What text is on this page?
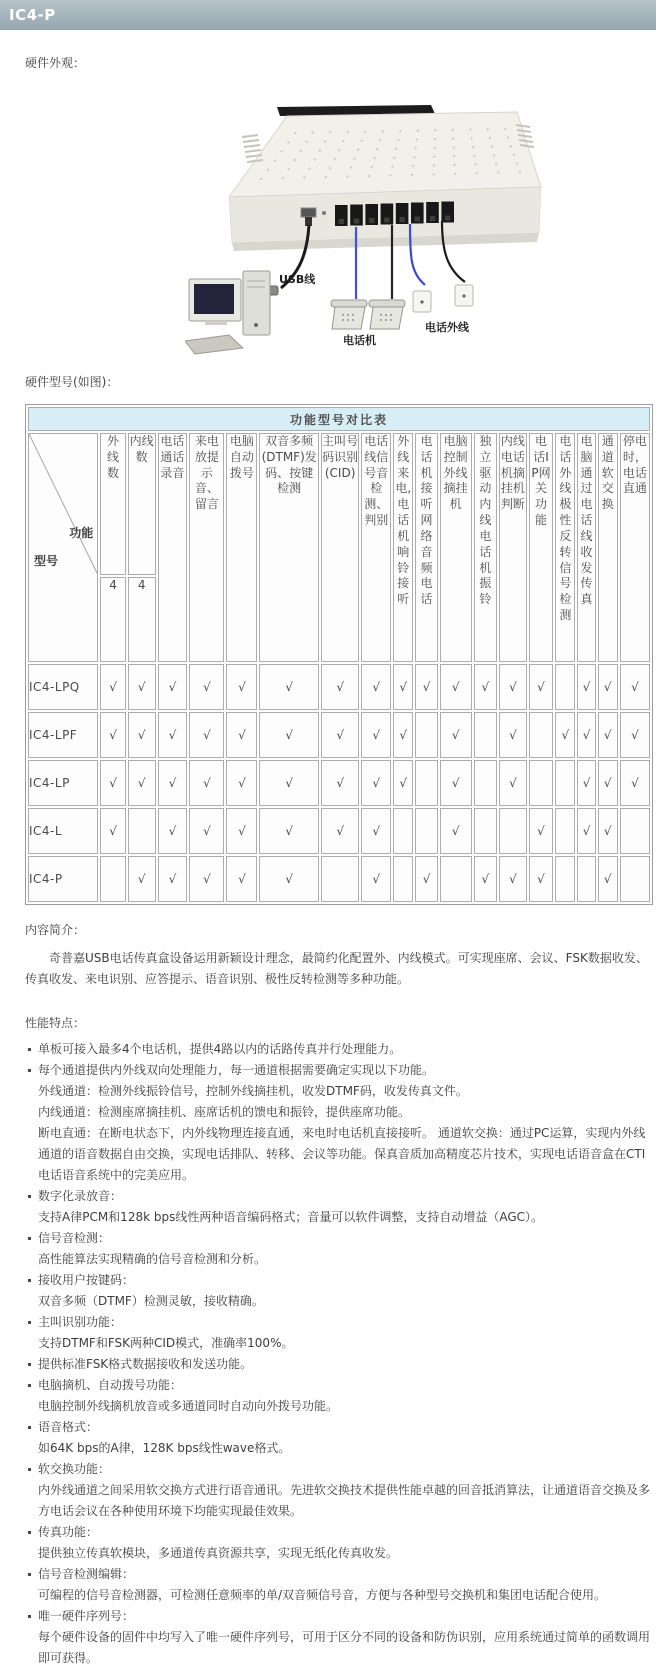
IC4-P
硬件外观：
USB线
电话机
电话外线
硬件型号(如图)：
功能型号对比表																		

功能
型号	外线数	内线数	电话通话录音	来电放提示音、留言	电脑自动拨号	双音多频(DTMF)发码、按键检测	主叫号码识别(CID)	电话线信号音检测、判别	外线来电,电话机响铃接听	电话机接听网络音频电话	电脑控制外线摘挂机	独立驱动内线电话机振铃	内线电话机摘挂机判断	电话IP网关功能	电话外线极性反转信号检测	电脑通过电话线收发传真	通道软交换	停电时，电话直通
	4	4																
IC4-LPQ	√	√	√	√	√	√	√	√	√	√	√	√	√	√		√	√	√
IC4-LPF	√	√	√	√	√	√	√	√	√		√		√		√	√	√	√
IC4-LP	√	√	√	√	√	√	√	√	√		√		√			√	√	√
IC4-L	√		√	√	√	√	√	√			√			√		√	√	
IC4-P		√	√	√	√	√		√		√		√	√	√			√	
内容简介：

奇普嘉USB电话传真盒设备运用新颖设计理念，最简约化配置外、内线模式。可实现座席、会议、FSK数据收发、传真收发、来电识别、应答提示、语音识别、极性反转检测等多种功能。

性能特点：
单板可接入最多4个电话机，提供4路以内的话路传真并行处理能力。
每个通道提供内外线双向处理能力，每一通道根据需要确定实现以下功能。
外线通道：检测外线振铃信号，控制外线摘挂机，收发DTMF码，收发传真文件。
内线通道：检测座席摘挂机、座席话机的馈电和振铃，提供座席功能。
断电直通：在断电状态下，内外线物理连接直通，来电时电话机直接接听。 通道软交换：通过PC运算，实现内外线通道的语音数据自由交换，实现电话排队、转移、会议等功能。保真音质加高精度芯片技术，实现电话语音盒在CTI电话语音系统中的完美应用。
数字化录放音：
支持A律PCM和128k bps线性两种语音编码格式；音量可以软件调整，支持自动增益（AGC）。
信号音检测：
高性能算法实现精确的信号音检测和分析。
接收用户按键码：
双音多频（DTMF）检测灵敏，接收精确。
主叫识别功能：
支持DTMF和FSK两种CID模式，准确率100%。
提供标准FSK格式数据接收和发送功能。
电脑摘机、自动拨号功能：
电脑控制外线摘机放音或多通道同时自动向外拨号功能。
语音格式：
如64K bps的A律，128K bps线性wave格式。
软交换功能：
内外线通道之间采用软交换方式进行语音通讯。先进软交换技术提供性能卓越的回音抵消算法，让通道语音交换及多方电话会议在各种使用环境下均能实现最佳效果。
传真功能：
提供独立传真软模块，多通道传真资源共享，实现无纸化传真收发。
信号音检测编辑：
可编程的信号音检测器，可检测任意频率的单/双音频信号音，方便与各种型号交换机和集团电话配合使用。
唯一硬件序列号：
每个硬件设备的固件中均写入了唯一硬件序列号，可用于区分不同的设备和防伪识别，应用系统通过简单的函数调用即可获得。
